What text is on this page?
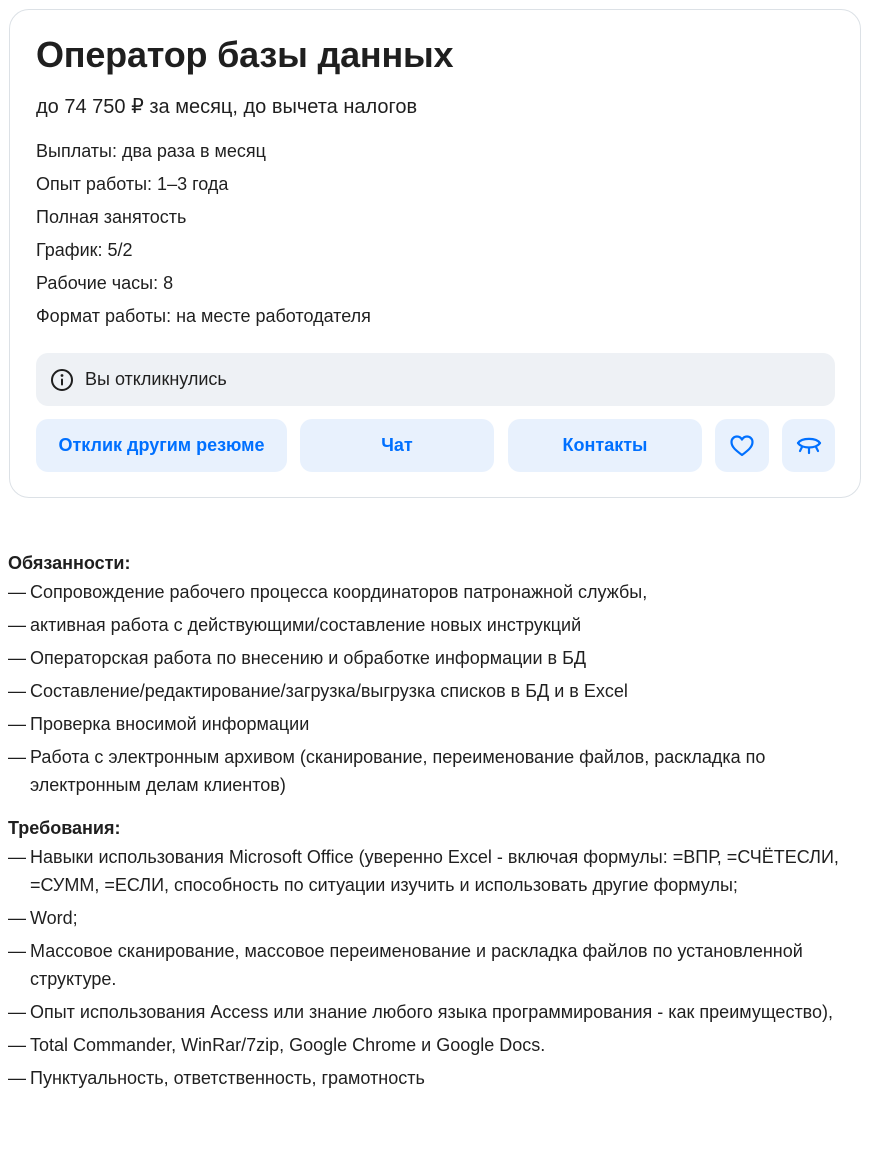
Оператор базы данных
до 74 750 ₽ за месяц, до вычета налогов
Выплаты: два раза в месяц
Опыт работы: 1–3 года
Полная занятость
График: 5/2
Рабочие часы: 8
Формат работы: на месте работодателя
Вы откликнулись
Отклик другим резюме	Чат	Контакты
Обязанности:
— Сопровождение рабочего процесса координаторов патронажной службы,
— активная работа с действующими/составление новых инструкций
— Операторская работа по внесению и обработке информации в БД
— Составление/редактирование/загрузка/выгрузка списков в БД и в Excel
— Проверка вносимой информации
— Работа с электронным архивом (сканирование, переименование файлов, раскладка по электронным делам клиентов)
Требования:
— Навыки использования Microsoft Office (уверенно Excel - включая формулы: =ВПР, =СЧЁТЕСЛИ, =СУММ, =ЕСЛИ, способность по ситуации изучить и использовать другие формулы;
— Word;
— Массовое сканирование, массовое переименование и раскладка файлов по установленной структуре.
— Опыт использования Access или знание любого языка программирования - как преимущество),
— Total Commander, WinRar/7zip, Google Chrome и Google Docs.
— Пунктуальность, ответственность, грамотность
